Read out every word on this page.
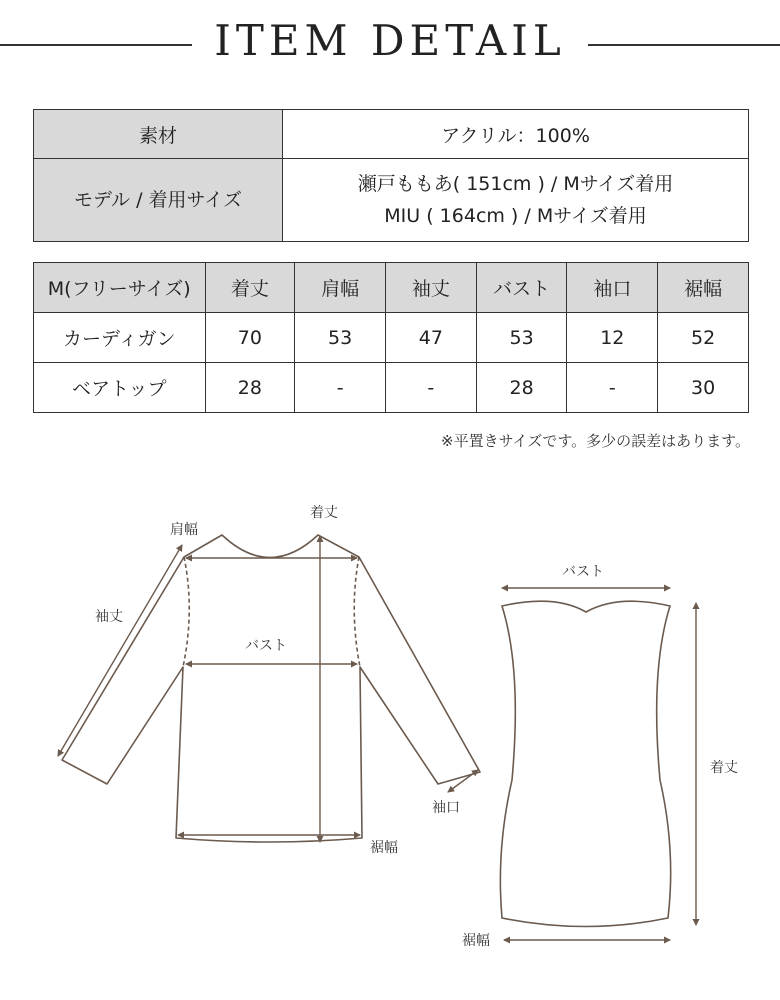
ITEM DETAIL
素材	アクリル：100%
モデル / 着用サイズ	瀬戸ももあ( 151cm ) / Mサイズ着用
MIU ( 164cm ) / Mサイズ着用
M(フリーサイズ)	着丈	肩幅	袖丈	バスト	袖口	裾幅
カーディガン	70	53	47	53	12	52
ベアトップ	28	-	-	28	-	30
※平置きサイズです。多少の誤差はあります。
着丈
肩幅
袖丈
バスト
袖口
裾幅
バスト
着丈
裾幅
